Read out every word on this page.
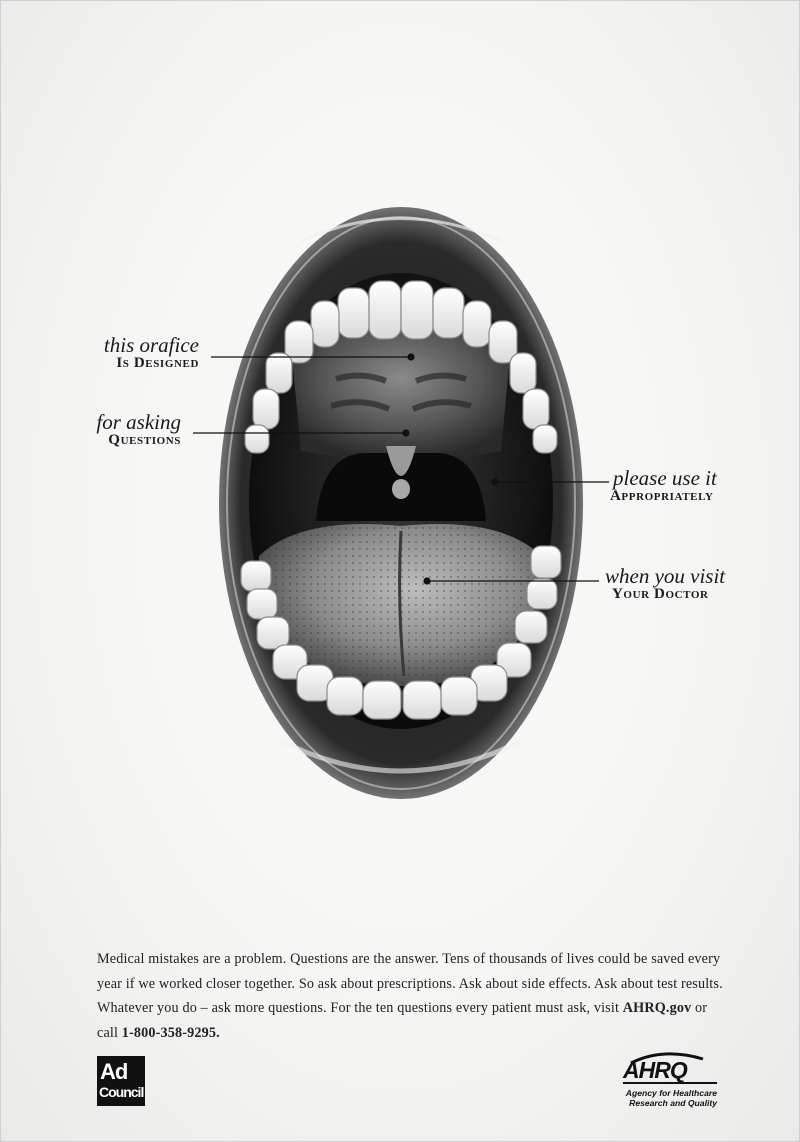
this orafice
Is Designed
for asking
Questions
please use it
Appropriately
when you visit
Your Doctor

Medical mistakes are a problem. Questions are the answer. Tens of thousands of lives could be saved every year if we worked closer together. So ask about prescriptions. Ask about side effects. Ask about test results. Whatever you do – ask more questions. For the ten questions every patient must ask, visit AHRQ.gov or call 1-800-358-9295.

Ad
Council
AHRQ
Agency for Healthcare
Research and Quality
